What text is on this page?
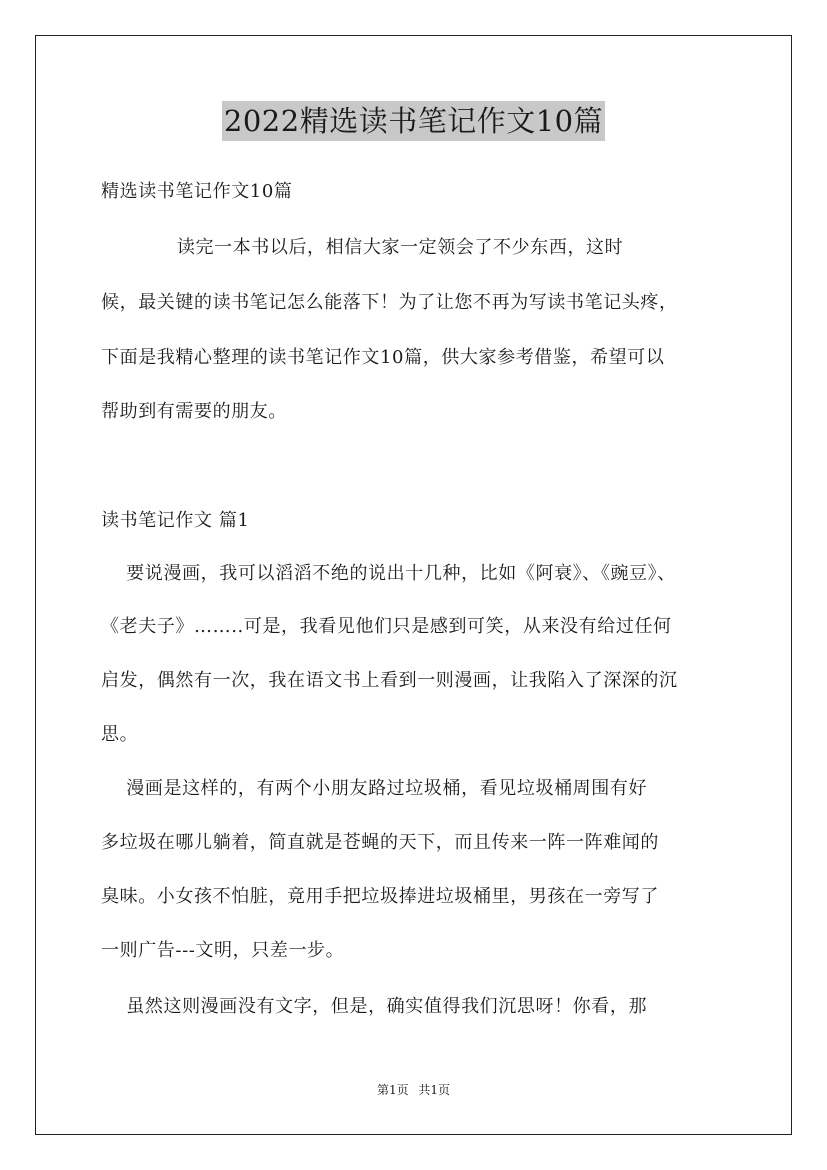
2022精选读书笔记作文10篇
精选读书笔记作文10篇
读完一本书以后，相信大家一定领会了不少东西，这时
候，最关键的读书笔记怎么能落下！为了让您不再为写读书笔记头疼，
下面是我精心整理的读书笔记作文10篇，供大家参考借鉴，希望可以
帮助到有需要的朋友。
读书笔记作文 篇1
要说漫画，我可以滔滔不绝的说出十几种，比如《阿衰》、《豌豆》、
《老夫子》……..可是，我看见他们只是感到可笑，从来没有给过任何
启发，偶然有一次，我在语文书上看到一则漫画，让我陷入了深深的沉
思。
漫画是这样的，有两个小朋友路过垃圾桶，看见垃圾桶周围有好
多垃圾在哪儿躺着，简直就是苍蝇的天下，而且传来一阵一阵难闻的
臭味。小女孩不怕脏，竟用手把垃圾捧进垃圾桶里，男孩在一旁写了
一则广告---文明，只差一步。
虽然这则漫画没有文字，但是，确实值得我们沉思呀！你看，那
第1页 共1页
